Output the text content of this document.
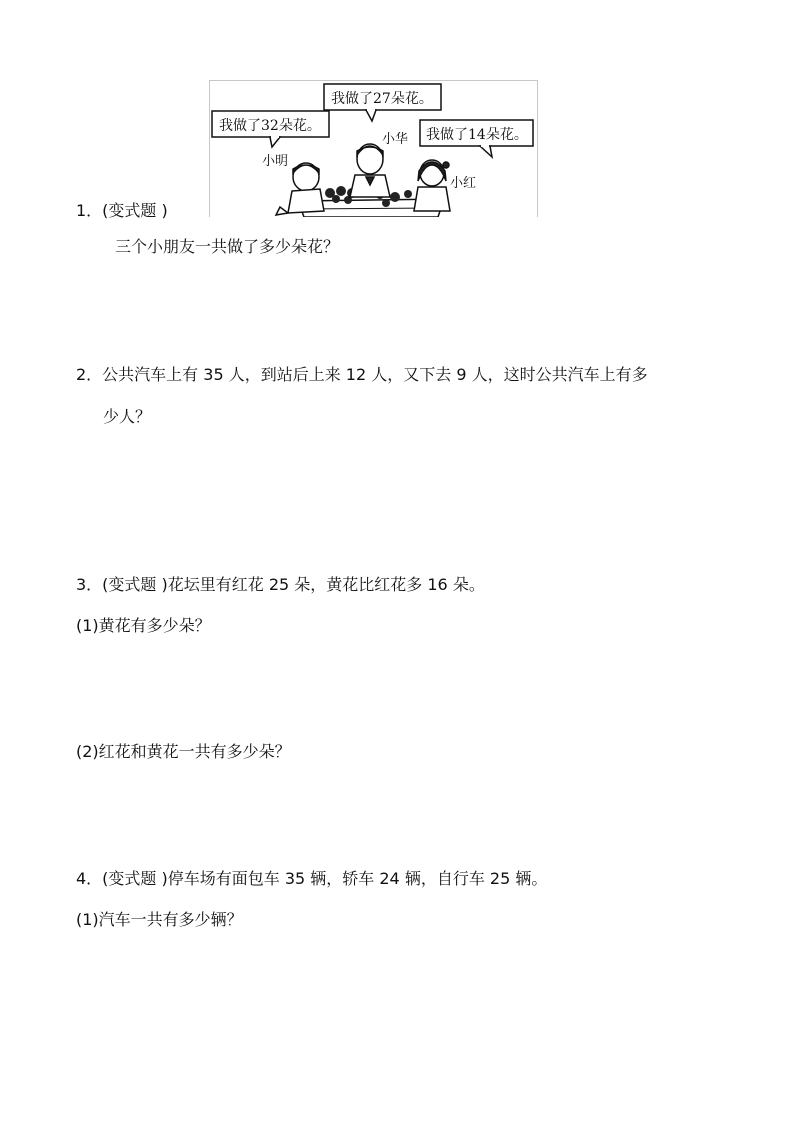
我做了27朵花。
我做了32朵花。
我做了14朵花。
小明
小华
小红
1．(变式题 )
三个小朋友一共做了多少朵花？
2．公共汽车上有 35 人，到站后上来 12 人，又下去 9 人，这时公共汽车上有多
少人？
3．(变式题 )花坛里有红花 25 朵，黄花比红花多 16 朵。
(1)黄花有多少朵？
(2)红花和黄花一共有多少朵？
4．(变式题 )停车场有面包车 35 辆，轿车 24 辆，自行车 25 辆。
(1)汽车一共有多少辆？
